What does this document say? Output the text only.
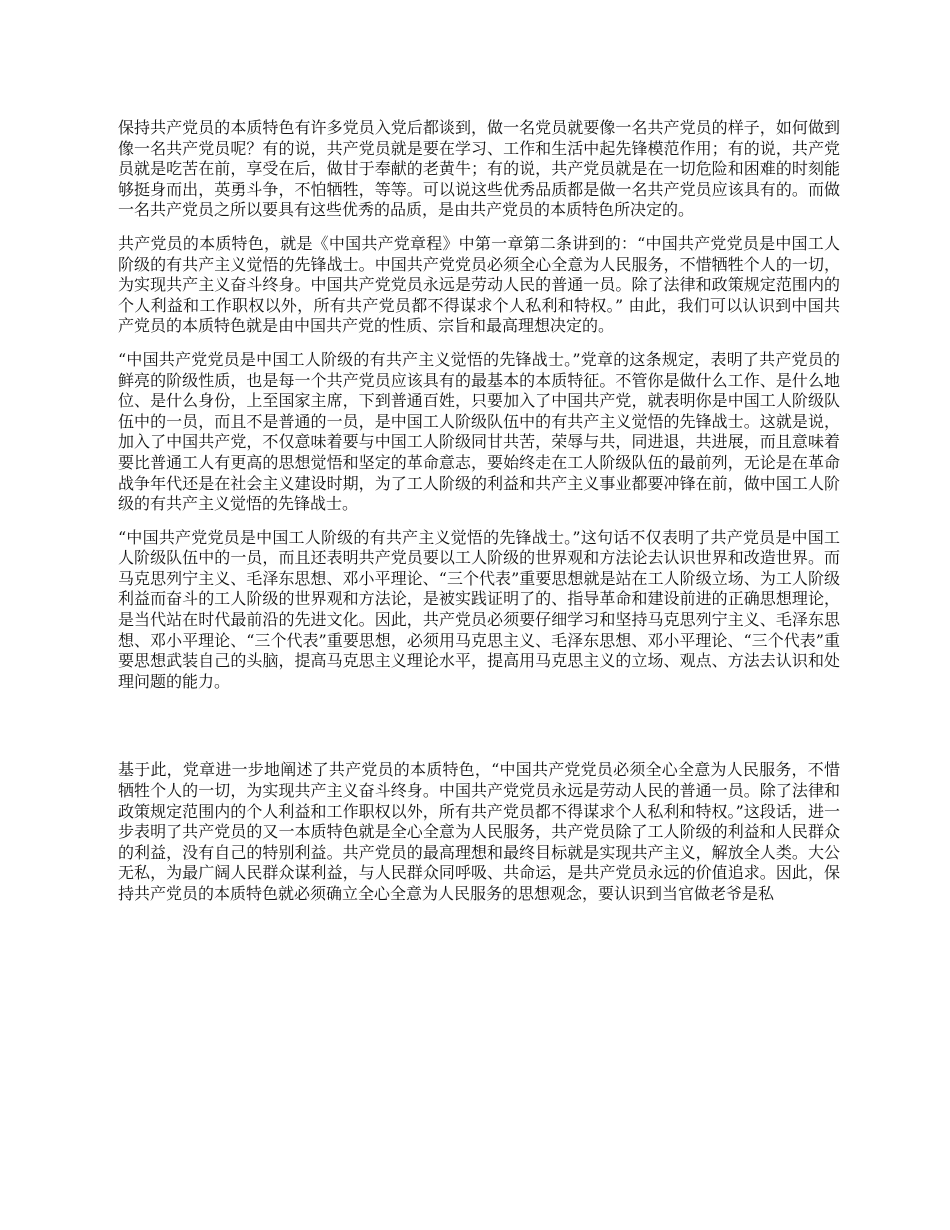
保持共产党员的本质特色有许多党员入党后都谈到，做一名党员就要像一名共产党员的样子，如何做到像一名共产党员呢？有的说，共产党员就是要在学习、工作和生活中起先锋模范作用；有的说，共产党员就是吃苦在前，享受在后，做甘于奉献的老黄牛；有的说，共产党员就是在一切危险和困难的时刻能够挺身而出，英勇斗争，不怕牺牲，等等。可以说这些优秀品质都是做一名共产党员应该具有的。而做一名共产党员之所以要具有这些优秀的品质，是由共产党员的本质特色所决定的。

共产党员的本质特色，就是《中国共产党章程》中第一章第二条讲到的：“中国共产党党员是中国工人阶级的有共产主义觉悟的先锋战士。中国共产党党员必须全心全意为人民服务，不惜牺牲个人的一切，为实现共产主义奋斗终身。中国共产党党员永远是劳动人民的普通一员。除了法律和政策规定范围内的个人利益和工作职权以外，所有共产党员都不得谋求个人私利和特权。” 由此，我们可以认识到中国共产党员的本质特色就是由中国共产党的性质、宗旨和最高理想决定的。

“中国共产党党员是中国工人阶级的有共产主义觉悟的先锋战士。”党章的这条规定，表明了共产党员的鲜亮的阶级性质，也是每一个共产党员应该具有的最基本的本质特征。不管你是做什么工作、是什么地位、是什么身份，上至国家主席，下到普通百姓，只要加入了中国共产党，就表明你是中国工人阶级队伍中的一员，而且不是普通的一员，是中国工人阶级队伍中的有共产主义觉悟的先锋战士。这就是说，加入了中国共产党，不仅意味着要与中国工人阶级同甘共苦，荣辱与共，同进退，共进展，而且意味着要比普通工人有更高的思想觉悟和坚定的革命意志，要始终走在工人阶级队伍的最前列，无论是在革命战争年代还是在社会主义建设时期，为了工人阶级的利益和共产主义事业都要冲锋在前，做中国工人阶级的有共产主义觉悟的先锋战士。

“中国共产党党员是中国工人阶级的有共产主义觉悟的先锋战士。”这句话不仅表明了共产党员是中国工人阶级队伍中的一员，而且还表明共产党员要以工人阶级的世界观和方法论去认识世界和改造世界。而马克思列宁主义、毛泽东思想、邓小平理论、“三个代表”重要思想就是站在工人阶级立场、为工人阶级利益而奋斗的工人阶级的世界观和方法论，是被实践证明了的、指导革命和建设前进的正确思想理论，是当代站在时代最前沿的先进文化。因此，共产党员必须要仔细学习和坚持马克思列宁主义、毛泽东思想、邓小平理论、“三个代表”重要思想，必须用马克思主义、毛泽东思想、邓小平理论、“三个代表”重要思想武装自己的头脑，提高马克思主义理论水平，提高用马克思主义的立场、观点、方法去认识和处理问题的能力。

基于此，党章进一步地阐述了共产党员的本质特色，“中国共产党党员必须全心全意为人民服务，不惜牺牲个人的一切，为实现共产主义奋斗终身。中国共产党党员永远是劳动人民的普通一员。除了法律和政策规定范围内的个人利益和工作职权以外，所有共产党员都不得谋求个人私利和特权。”这段话，进一步表明了共产党员的又一本质特色就是全心全意为人民服务，共产党员除了工人阶级的利益和人民群众的利益，没有自己的特别利益。共产党员的最高理想和最终目标就是实现共产主义，解放全人类。大公无私，为最广阔人民群众谋利益，与人民群众同呼吸、共命运，是共产党员永远的价值追求。因此，保持共产党员的本质特色就必须确立全心全意为人民服务的思想观念，要认识到当官做老爷是私
